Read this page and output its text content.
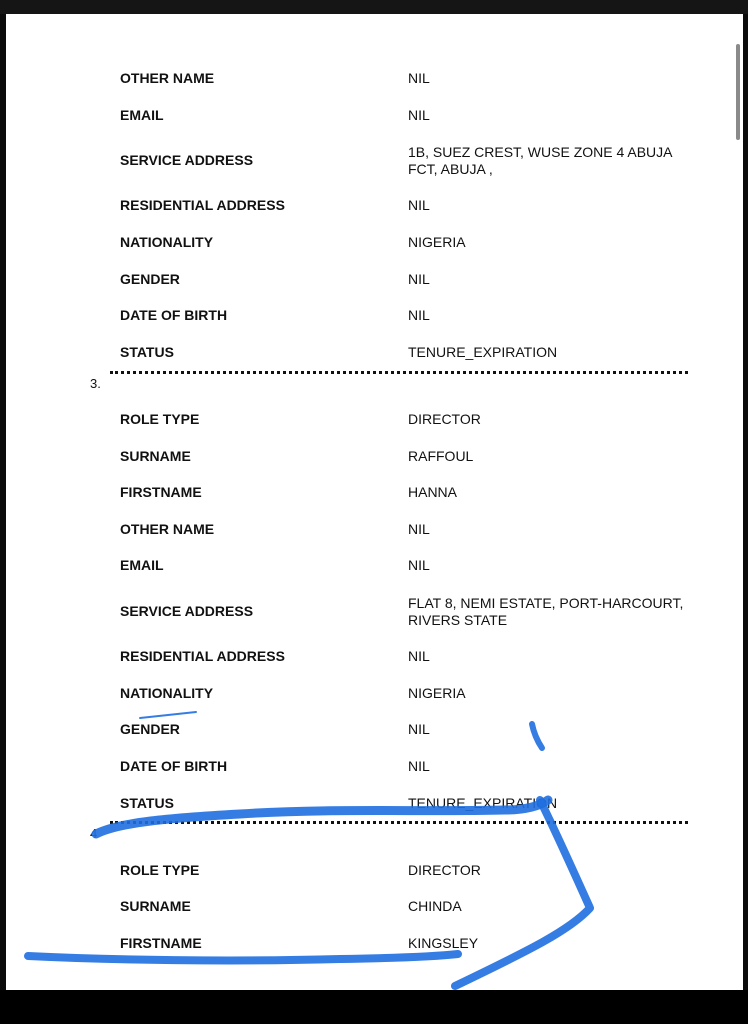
OTHER NAME	NIL
EMAIL	NIL
SERVICE ADDRESS	1B, SUEZ CREST, WUSE ZONE 4 ABUJA FCT, ABUJA ,
RESIDENTIAL ADDRESS	NIL
NATIONALITY	NIGERIA
GENDER	NIL
DATE OF BIRTH	NIL
STATUS	TENURE_EXPIRATION
3.
ROLE TYPE	DIRECTOR
SURNAME	RAFFOUL
FIRSTNAME	HANNA
OTHER NAME	NIL
EMAIL	NIL
SERVICE ADDRESS	FLAT 8, NEMI ESTATE, PORT-HARCOURT, RIVERS STATE
RESIDENTIAL ADDRESS	NIL
NATIONALITY	NIGERIA
GENDER	NIL
DATE OF BIRTH	NIL
STATUS	TENURE_EXPIRATION
4
ROLE TYPE	DIRECTOR
SURNAME	CHINDA
FIRSTNAME	KINGSLEY
